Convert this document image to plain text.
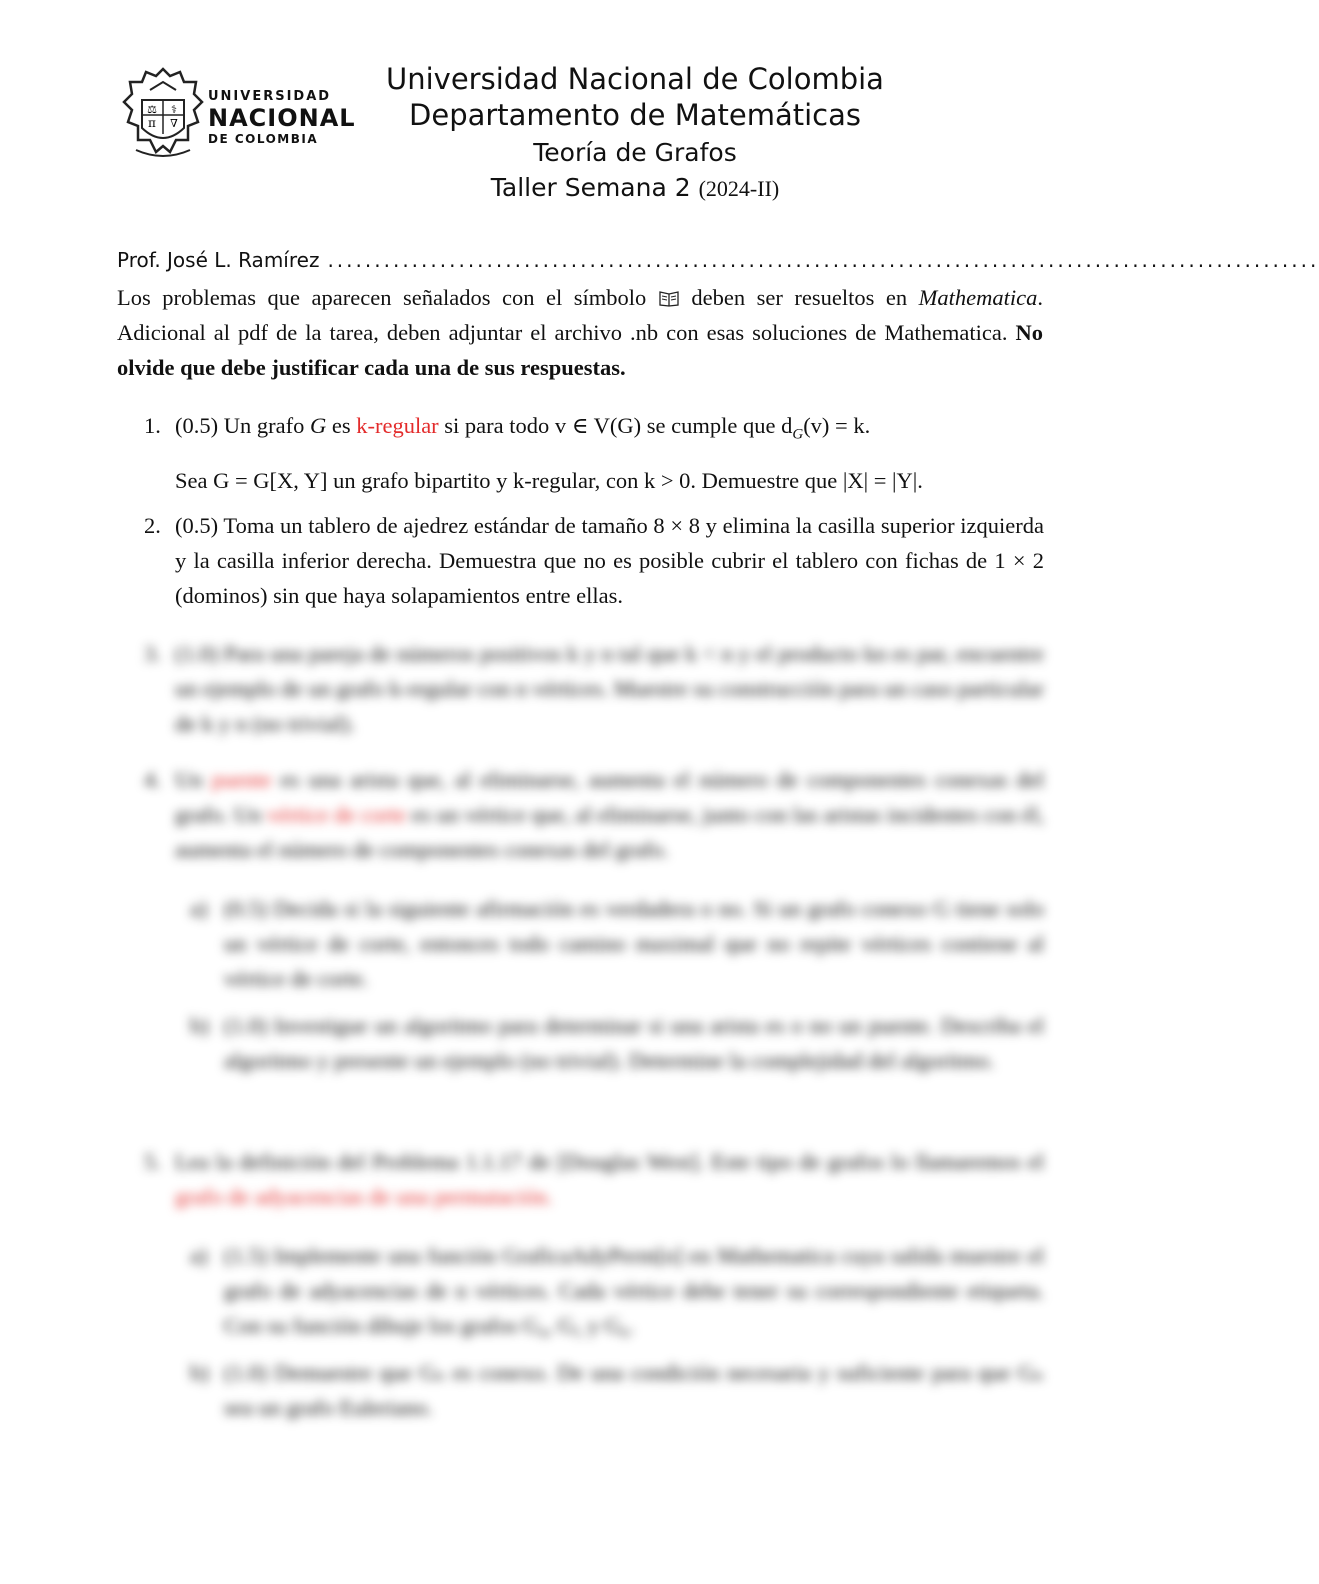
⚖ ⚕
π ∇
UNIVERSIDAD
NACIONAL
DE COLOMBIA
Universidad Nacional de Colombia
Departamento de Matemáticas
Teoría de Grafos
Taller Semana 2 (2024-II)
Prof. José L. Ramírez ..........................................................................................................
Los problemas que aparecen señalados con el símbolo deben ser resueltos en Mathematica. Adicional al pdf de la tarea, deben adjuntar el archivo .nb con esas soluciones de Mathematica. No olvide que debe justificar cada una de sus respuestas.
1. (0.5) Un grafo G es k-regular si para todo v ∈ V(G) se cumple que $d_G(v) = k$.
Sea G = G[X, Y] un grafo bipartito y k-regular, con k > 0. Demuestre que |X| = |Y|.
2. (0.5) Toma un tablero de ajedrez estándar de tamaño 8 × 8 y elimina la casilla superior izquierda y la casilla inferior derecha. Demuestra que no es posible cubrir el tablero con fichas de 1 × 2 (dominos) sin que haya solapamientos entre ellas.
3. (1.0) Para una pareja de números positivos k y n tal que k < n y el producto kn es par, encuentre un ejemplo de un grafo k-regular con n vértices. Muestre su construcción para un caso particular de k y n (no trivial).
4. Un puente es una arista que, al eliminarse, aumenta el número de componentes conexas del grafo. Un vértice de corte es un vértice que, al eliminarse, junto con las aristas incidentes con él, aumenta el número de componentes conexas del grafo.
a) (0.5) Decida si la siguiente afirmación es verdadera o no. Si un grafo conexo G tiene solo un vértice de corte, entonces todo camino maximal que no repite vértices contiene al vértice de corte.
b) (1.0) Investigue un algoritmo para determinar si una arista es o no un puente. Describa el algoritmo y presente un ejemplo (no trivial). Determine la complejidad del algoritmo.
5. Lea la definición del Problema 1.1.17 de [Douglas West]. Este tipo de grafos lo llamaremos el grafo de adyacencias de una permutación.
a) (1.5) Implemente una función GraficaAdyPerm[n] en Mathematica cuya salida muestre el grafo de adyacencias de n vértices. Cada vértice debe tener su correspondiente etiqueta. Con su función dibuje los grafos G₄, G₅ y G₆.
b) (1.0) Demuestre que Gₙ es conexo. De una condición necesaria y suficiente para que Gₙ sea un grafo Euleriano.
